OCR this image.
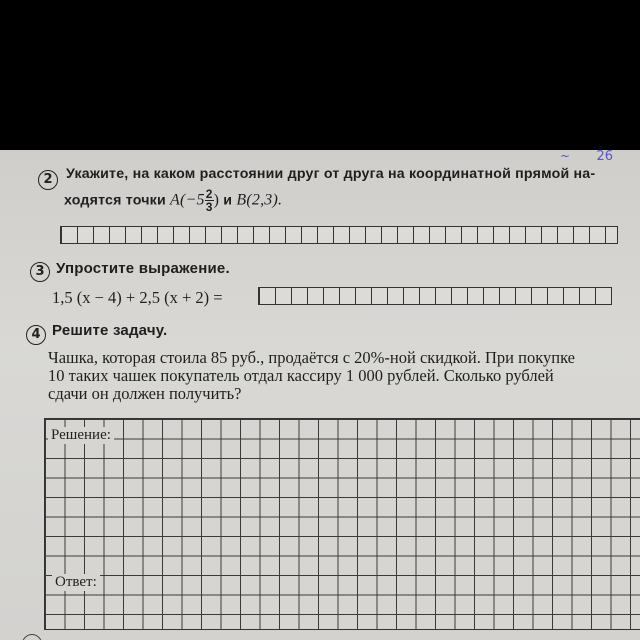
~ 26
2 Укажите, на каком расстоянии друг от друга на координатной прямой на-
ходятся точки $A(-5 \frac{2}{3}$ ) и B(2,3).
3 Упростите выражение.
1,5 (x − 4) + 2,5 (x + 2) =
4 Решите задачу.
Чашка, которая стоила 85 руб., продаётся с 20%-ной скидкой. При покупке
10 таких чашек покупатель отдал кассиру 1 000 рублей. Сколько рублей
сдачи он должен получить?
Решение:
Ответ:
